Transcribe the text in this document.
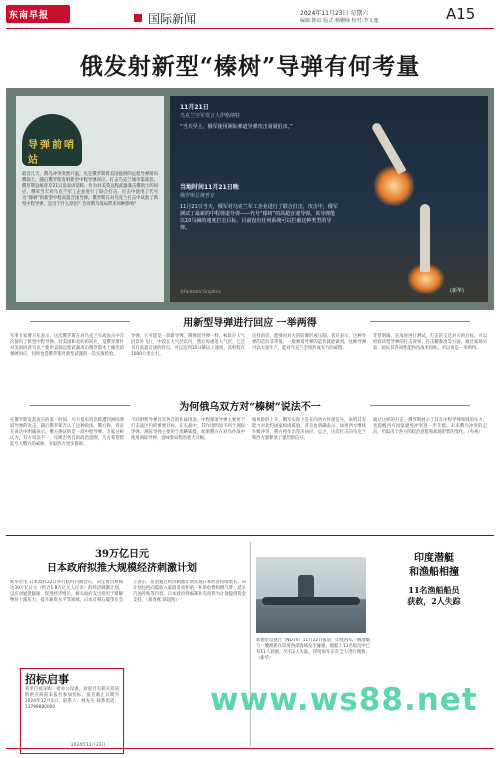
东南早报	国际新闻	2024年11月23日 星期六	A15
编辑:陈谊 版式:杨栅绿 校对:李文逸
俄发射新型“榛树”导弹有何考量
导弹前哨站
最近几天，俄乌冲突突然升温，先是俄罗斯将美国提供的远程导弹射向俄领土，随后俄罗斯发射新型中程导弹回应，打击乌克兰城市第聂伯。俄罗斯总统普京21日发表讲话称，作为对美英远程武器袭击俄领土的回应，俄军当天对乌克兰军工企业进行了联合打击，打击中使用了代号为“榛树”的新型中程高超音速导弹。俄罗斯在对乌克兰打击中试验了新型中程导弹，是出于什么原因？会对俄乌战局带来何种影响？
11月21日
乌克兰空军发言人伊格纳特
“当天早上，俄军使用洲际弹道导弹攻击第聂伯市。”
当地时间11月21日晚
俄罗斯总统普京
11月21日当天，俄军对乌克兰军工企业进行了联合打击，攻击中，俄军测试了最新的中程弹道导弹——代号“榛树”的高超音速导弹。该导弹能以10马赫的速度打击目标，目前没有任何系统可以拦截这种类型的导弹。
©Fantastic Graphics	(新华)
用新型导弹进行回应 一举两得
军事专家曹卫东表示，这次俄罗斯在对乌克兰实战攻击中首次使用了新型中程导弹。对美国和北约的回应，是俄罗斯针对美国同意乌克兰使用美制远程武器攻击俄罗斯本土做出的强硬回应，同时也是俄罗斯对新型武器的一次实战检验。
导弹，它可能是一款新导弹。俄弹道导弹一样，初段在大气层以外飞行，中段在大气层以内，然后再重返大气层，它还具有高超音速的特点，可以达到10马赫以上速度，其射程在1000公里左右。
这样的话，能够对对方的防御形成压制。普京表示，这种导弹的造价非常低，一般弹道导弹的造价就能做到，这种导弹可以大量生产，能对乌克兰全境形成有力的威慑。
非常明确，在战时进行测试，打击的又是对方的目标，可以检验该型导弹的打击效果、打击精准度等方面，通过战场实验，验证其各项性能和技战术指标，可以说是一举两得。
为何俄乌双方对“榛树”说法不一
在俄罗斯发起攻击的第一时间，乌方发布消息称遭到洲际弹道导弹的攻击，随后俄罗斯否认了这种说法。俄方称，普京在讲话中明确表示，俄方测试的是一款中程导弹。专家分析认为，双方说法不一，反映出各自的政治意图，乌方希望借此夸大俄方的威胁，争取西方更多援助。
不同射程导弹具有各自的作战用途。中程弹道导弹主要用于打击战区内的重要目标，在实战中，其作用明显不同于洲际导弹。洲际导弹主要用于战略威慑，如果俄方在对乌作战中使用洲际导弹，意味着局势的重大升级。
核风险的上升，俄军实际上是在向西方传递信号，表明其有能力对北约国家构成威胁。普京也明确表示，如果西方继续升级冲突，俄方将作出坚决回应。总之，这次打击向乌克兰和西方都释放了强烈的信号。
通过这样的打击，俄罗斯展示了其在中程导弹领域的实力，也提醒西方国家避免冲突进一步升级。未来俄乌冲突的走向，仍取决于各方的政治意愿和战场形势的变化。（央视）
39万亿日元
日本政府拟推大规模经济刺激计划
新华社电 日本政府22日举行临时内阁会议，决定推出规模达39万亿日元（约合1.8万亿元人民币）的经济刺激计划，以应对通货膨胀、促进经济增长。相关政府支出将用于缓解物价上涨压力、提升薪资水平等领域。日本首相石破茂在会上表示，希望通过经济刺激计划实现日本经济持续增长。该计划包括向低收入家庭发放补贴、补助电费和燃气费、延长汽油补贴等内容。日本政府将编制补充预算为计划提供资金支持。（刘春燕 郭超凯）
招标启事
我单位拟采购一批办公设备，欢迎具有相关资质的供应商前来报名参加投标。报名截止日期为2024年12月5日，联系人：林先生 联系电话：13799880000
2024年11月23日
新德里电视台（NDTV）11月22日报道，印度海军一艘潜艇与一艘渔船在印度西部海域发生碰撞，渔船上13名船员中已有11人获救，另有2人失踪。印度海军正在全力进行搜救。（新华）
印度潜艇
和渔船相撞
11名渔船船员
获救，2人失踪
www.ws88.net
